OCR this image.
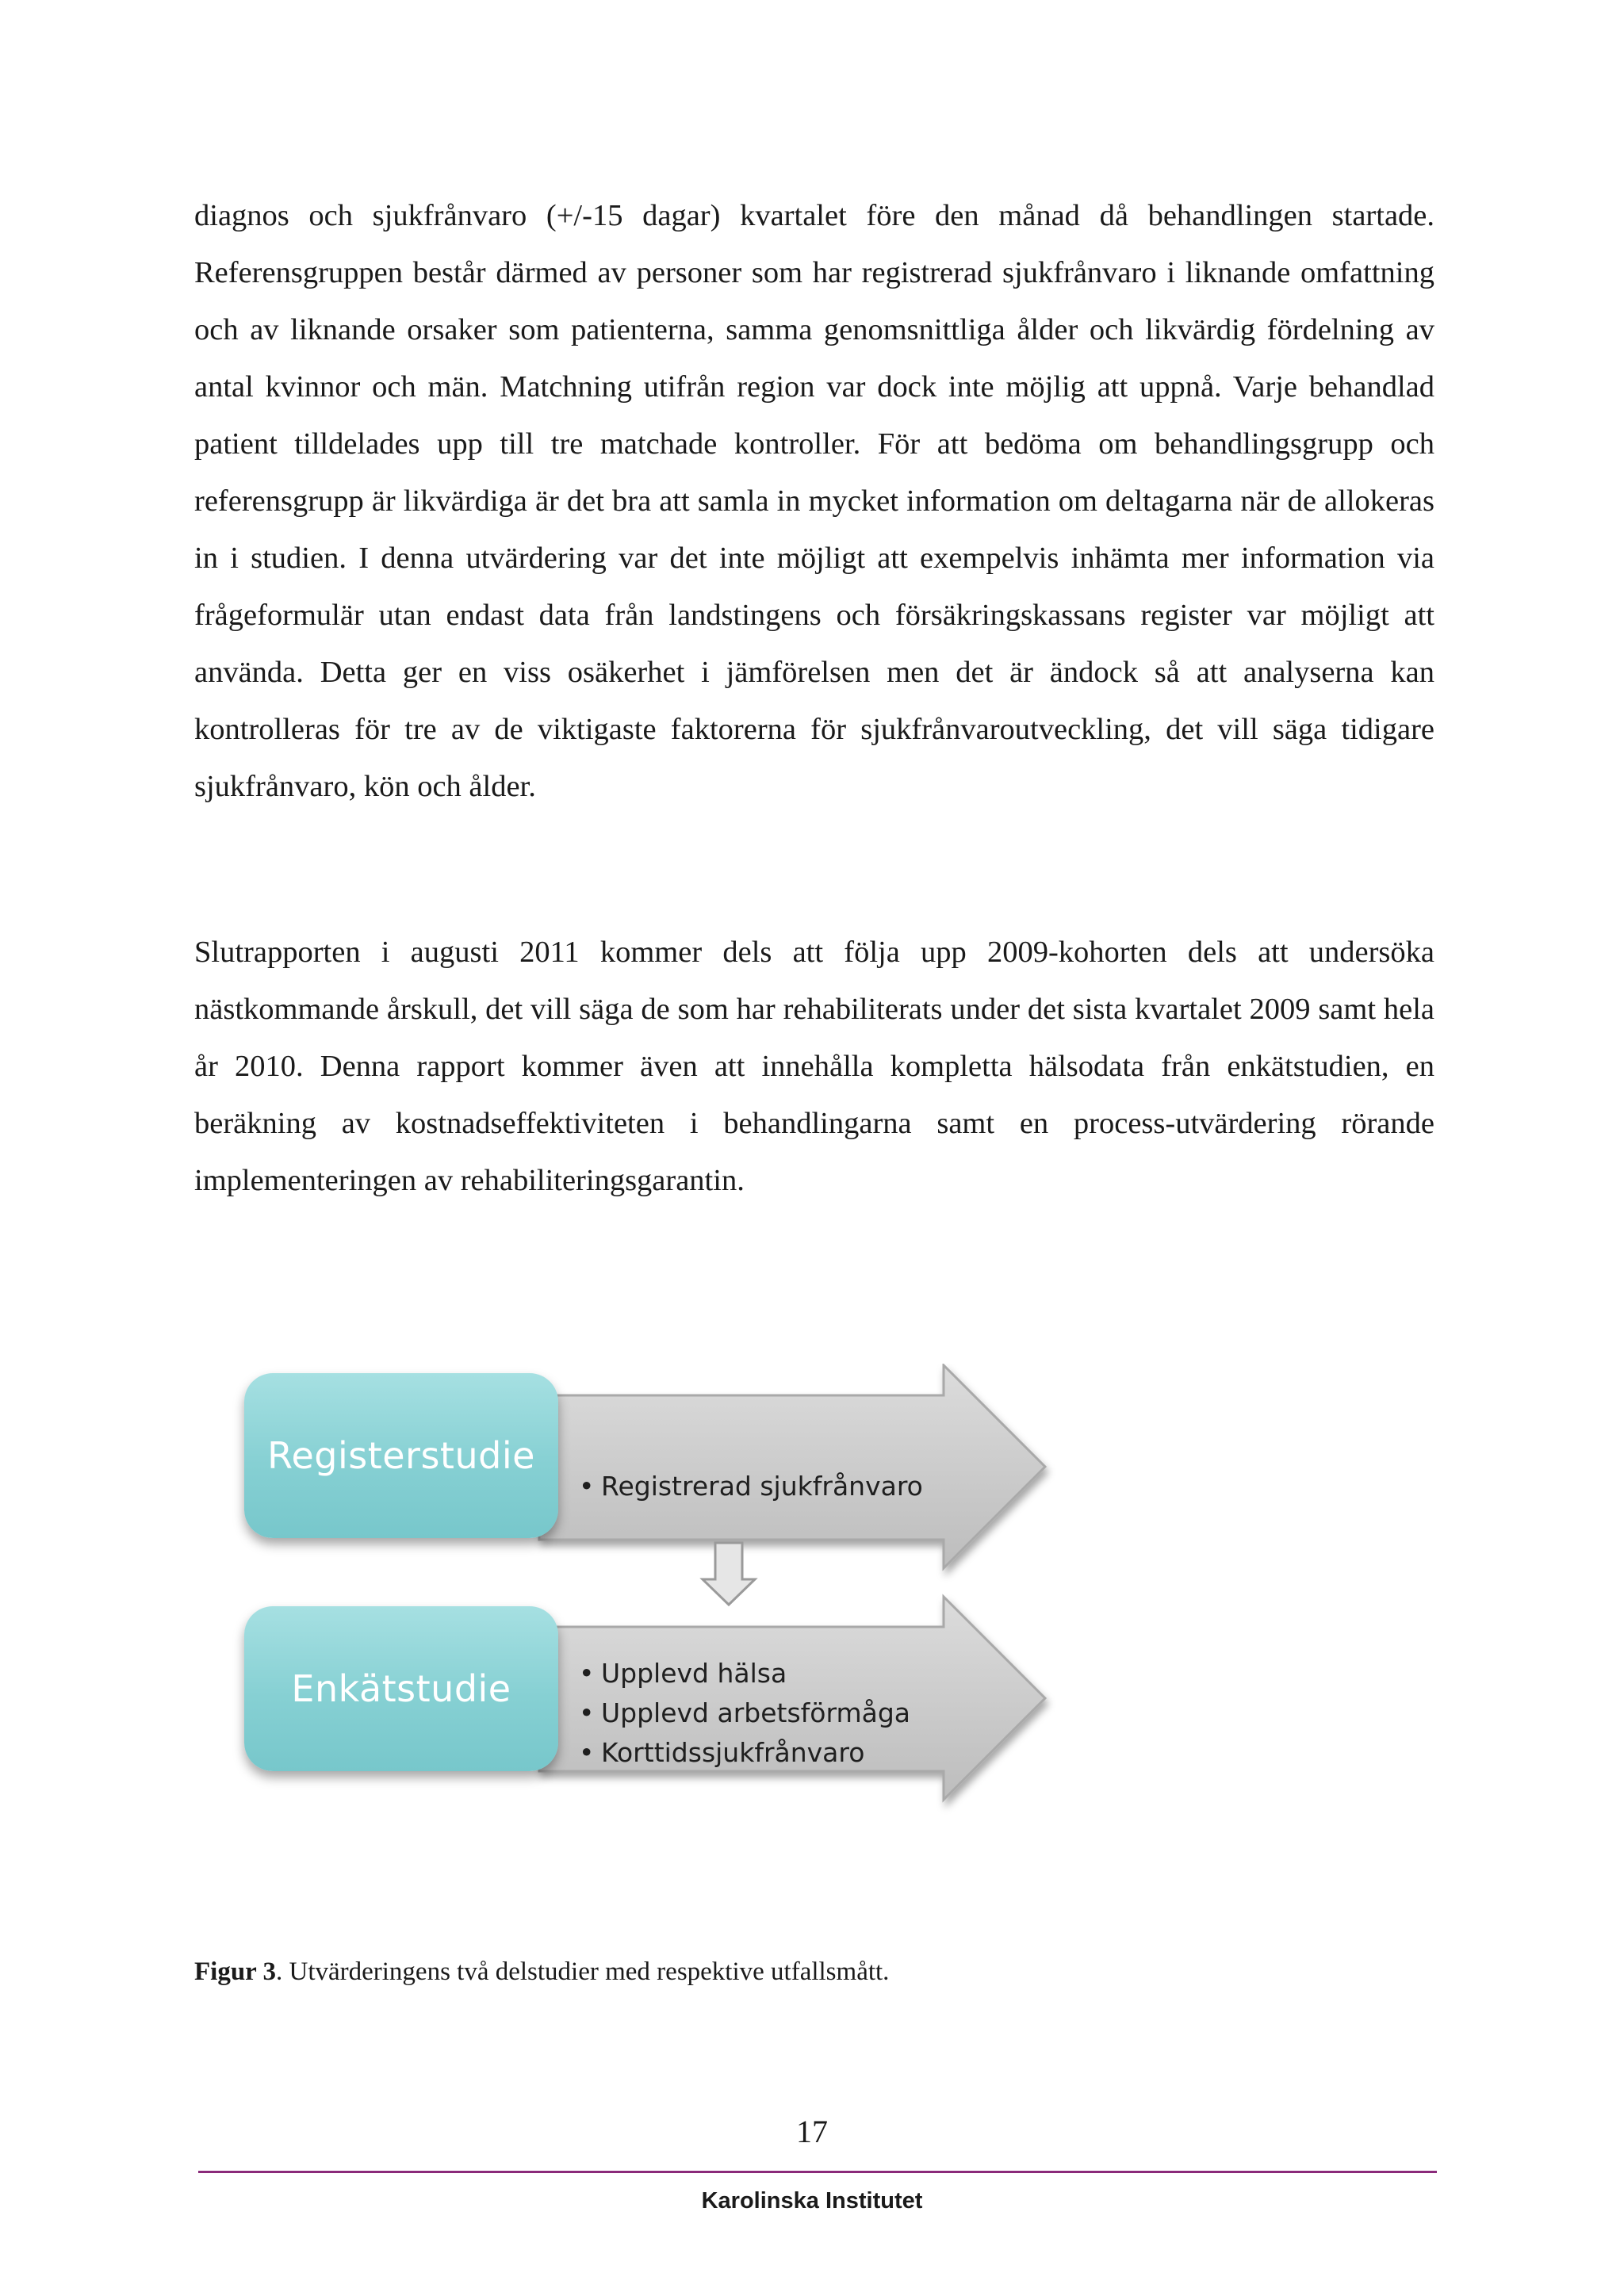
diagnos och sjukfrånvaro (+/-15 dagar) kvartalet före den månad då behandlingen startade. Referensgruppen består därmed av personer som har registrerad sjukfrånvaro i liknande omfattning och av liknande orsaker som patienterna, samma genomsnittliga ålder och likvärdig fördelning av antal kvinnor och män. Matchning utifrån region var dock inte möjlig att uppnå. Varje behandlad patient tilldelades upp till tre matchade kontroller. För att bedöma om behandlingsgrupp och referensgrupp är likvärdiga är det bra att samla in mycket information om deltagarna när de allokeras in i studien. I denna utvärdering var det inte möjligt att exempelvis inhämta mer information via frågeformulär utan endast data från landstingens och försäkringskassans register var möjligt att använda. Detta ger en viss osäkerhet i jämförelsen men det är ändock så att analyserna kan kontrolleras för tre av de viktigaste faktorerna för sjukfrånvaroutveckling, det vill säga tidigare sjukfrånvaro, kön och ålder.

Slutrapporten i augusti 2011 kommer dels att följa upp 2009-kohorten dels att undersöka nästkommande årskull, det vill säga de som har rehabiliterats under det sista kvartalet 2009 samt hela år 2010. Denna rapport kommer även att innehålla kompletta hälsodata från enkätstudien, en beräkning av kostnadseffektiviteten i behandlingarna samt en process-utvärdering rörande implementeringen av rehabiliteringsgarantin.

Registerstudie
• Registrerad sjukfrånvaro
Enkätstudie
•	Upplevd hälsa
• Upplevd arbetsförmåga
• Korttidssjukfrånvaro
Figur 3. Utvärderingens två delstudier med respektive utfallsmått.
17
Karolinska Institutet
